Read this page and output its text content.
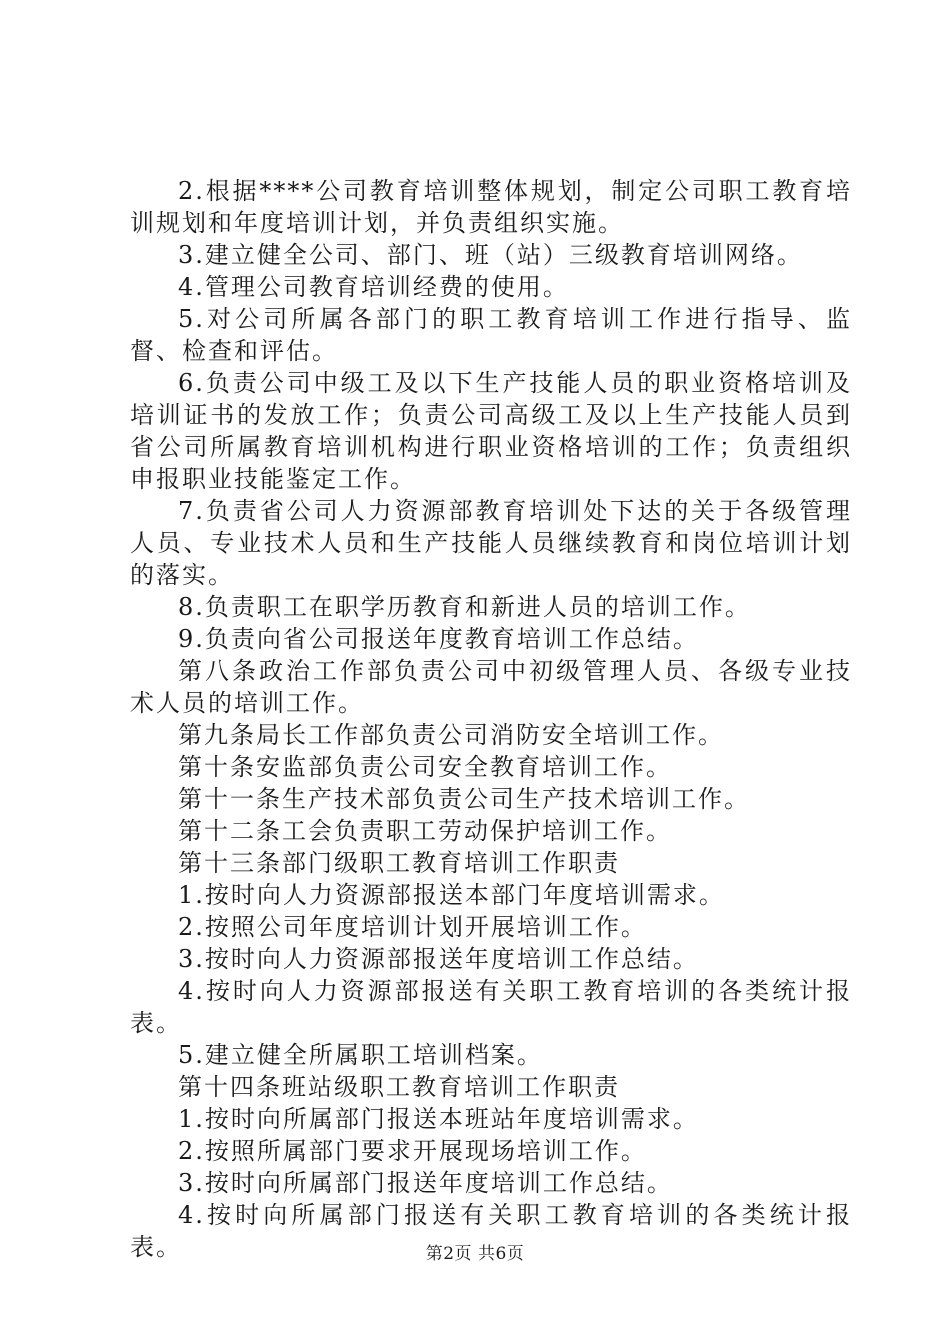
2.根据****公司教育培训整体规划，制定公司职工教育培训规划和年度培训计划，并负责组织实施。

3.建立健全公司、部门、班（站）三级教育培训网络。

4.管理公司教育培训经费的使用。

5.对公司所属各部门的职工教育培训工作进行指导、监督、检查和评估。

6.负责公司中级工及以下生产技能人员的职业资格培训及培训证书的发放工作；负责公司高级工及以上生产技能人员到省公司所属教育培训机构进行职业资格培训的工作；负责组织申报职业技能鉴定工作。

7.负责省公司人力资源部教育培训处下达的关于各级管理人员、专业技术人员和生产技能人员继续教育和岗位培训计划的落实。

8.负责职工在职学历教育和新进人员的培训工作。

9.负责向省公司报送年度教育培训工作总结。

第八条政治工作部负责公司中初级管理人员、各级专业技术人员的培训工作。

第九条局长工作部负责公司消防安全培训工作。

第十条安监部负责公司安全教育培训工作。

第十一条生产技术部负责公司生产技术培训工作。

第十二条工会负责职工劳动保护培训工作。

第十三条部门级职工教育培训工作职责

1.按时向人力资源部报送本部门年度培训需求。

2.按照公司年度培训计划开展培训工作。

3.按时向人力资源部报送年度培训工作总结。

4.按时向人力资源部报送有关职工教育培训的各类统计报表。

5.建立健全所属职工培训档案。

第十四条班站级职工教育培训工作职责

1.按时向所属部门报送本班站年度培训需求。

2.按照所属部门要求开展现场培训工作。

3.按时向所属部门报送年度培训工作总结。

4.按时向所属部门报送有关职工教育培训的各类统计报表。	第2页 共6页
